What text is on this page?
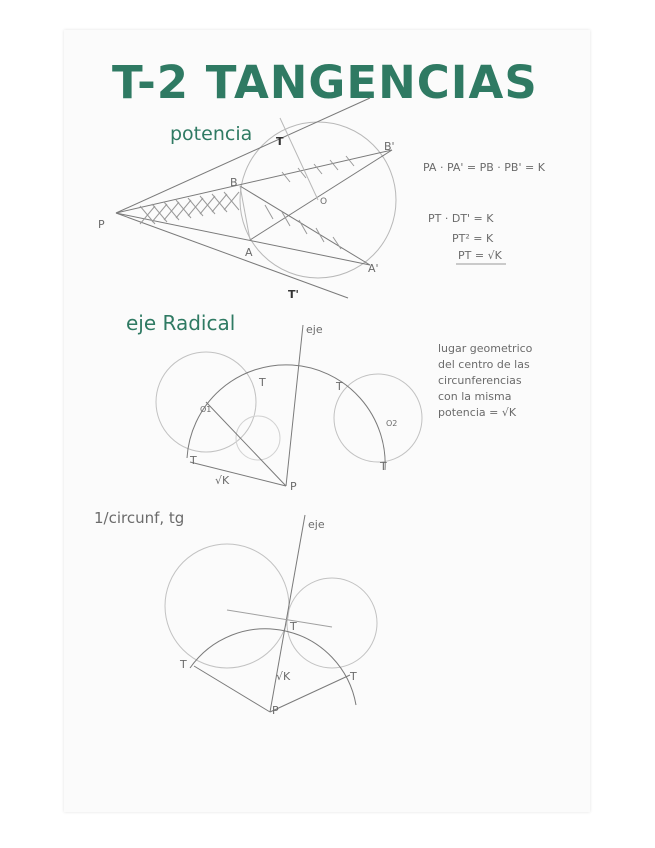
T-2 TANGENCIAS
potencia
P
B
B'
A
A'
T
T'
O
PA · PA' = PB · PB' = K
PT · DT' = K
PT² = K
PT = √K
eje Radical	eje
T	T
T	T
√K	P
O1
O2
lugar geometrico
del centro de las
circunferencias
con la misma
potencia = √K
1/circunf, tg	eje
T
T
T
√K
P
